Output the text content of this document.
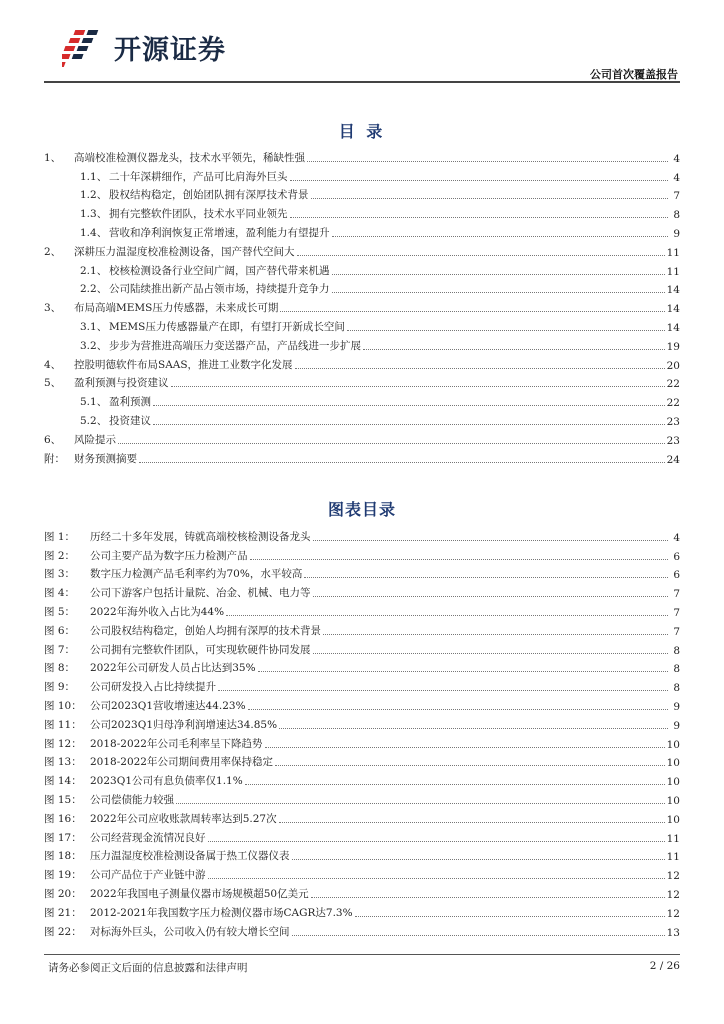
开源证券
公司首次覆盖报告
目 录
1、	高端校准检测仪器龙头，技术水平领先，稀缺性强	4
1.1、 二十年深耕细作，产品可比肩海外巨头	4
1.2、 股权结构稳定，创始团队拥有深厚技术背景	7
1.3、 拥有完整软件团队，技术水平同业领先	8
1.4、 营收和净利润恢复正常增速，盈利能力有望提升	9
2、	深耕压力温湿度校准检测设备，国产替代空间大	11
2.1、 校核检测设备行业空间广阔，国产替代带来机遇	11
2.2、 公司陆续推出新产品占领市场，持续提升竞争力	14
3、	布局高端MEMS压力传感器，未来成长可期	14
3.1、 MEMS压力传感器量产在即，有望打开新成长空间	14
3.2、 步步为营推进高端压力变送器产品，产品线进一步扩展	19
4、	控股明德软件布局SAAS，推进工业数字化发展	20
5、	盈利预测与投资建议	22
5.1、 盈利预测	22
5.2、 投资建议	23
6、	风险提示	23
附： 财务预测摘要	24
图表目录
图 1：	历经二十多年发展，铸就高端校核检测设备龙头	4
图 2：	公司主要产品为数字压力检测产品	6
图 3：	数字压力检测产品毛利率约为70%，水平较高	6
图 4：	公司下游客户包括计量院、冶金、机械、电力等	7
图 5：	2022年海外收入占比为44%	7
图 6：	公司股权结构稳定，创始人均拥有深厚的技术背景	7
图 7：	公司拥有完整软件团队，可实现软硬件协同发展	8
图 8：	2022年公司研发人员占比达到35%	8
图 9：	公司研发投入占比持续提升	8
图 10： 公司2023Q1营收增速达44.23%	9
图 11： 公司2023Q1归母净利润增速达34.85%	9
图 12： 2018-2022年公司毛利率呈下降趋势	10
图 13： 2018-2022年公司期间费用率保持稳定	10
图 14： 2023Q1公司有息负债率仅1.1%	10
图 15： 公司偿债能力较强	10
图 16： 2022年公司应收账款周转率达到5.27次	10
图 17： 公司经营现金流情况良好	11
图 18： 压力温湿度校准检测设备属于热工仪器仪表	11
图 19： 公司产品位于产业链中游	12
图 20： 2022年我国电子测量仪器市场规模超50亿美元	12
图 21： 2012-2021年我国数字压力检测仪器市场CAGR达7.3%	12
图 22： 对标海外巨头，公司收入仍有较大增长空间	13
请务必参阅正文后面的信息披露和法律声明	2 / 26
